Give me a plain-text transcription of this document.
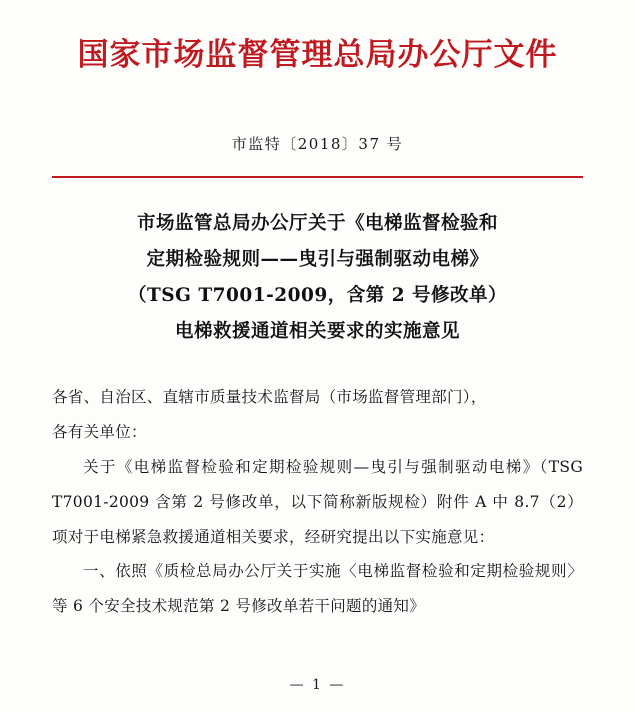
国家市场监督管理总局办公厅文件
市监特〔2018〕37 号
市场监管总局办公厅关于《电梯监督检验和
定期检验规则——曳引与强制驱动电梯》
（TSG T7001-2009，含第 2 号修改单）
电梯救援通道相关要求的实施意见

各省、自治区、直辖市质量技术监督局（市场监督管理部门），

各有关单位：

关于《电梯监督检验和定期检验规则—曳引与强制驱动电梯》（TSG T7001-2009 含第 2 号修改单，以下简称新版规检）附件 A 中 8.7（2）项对于电梯紧急救援通道相关要求，经研究提出以下实施意见：

一、依照《质检总局办公厅关于实施〈电梯监督检验和定期检验规则〉等 6 个安全技术规范第 2 号修改单若干问题的通知》

— 1 —
